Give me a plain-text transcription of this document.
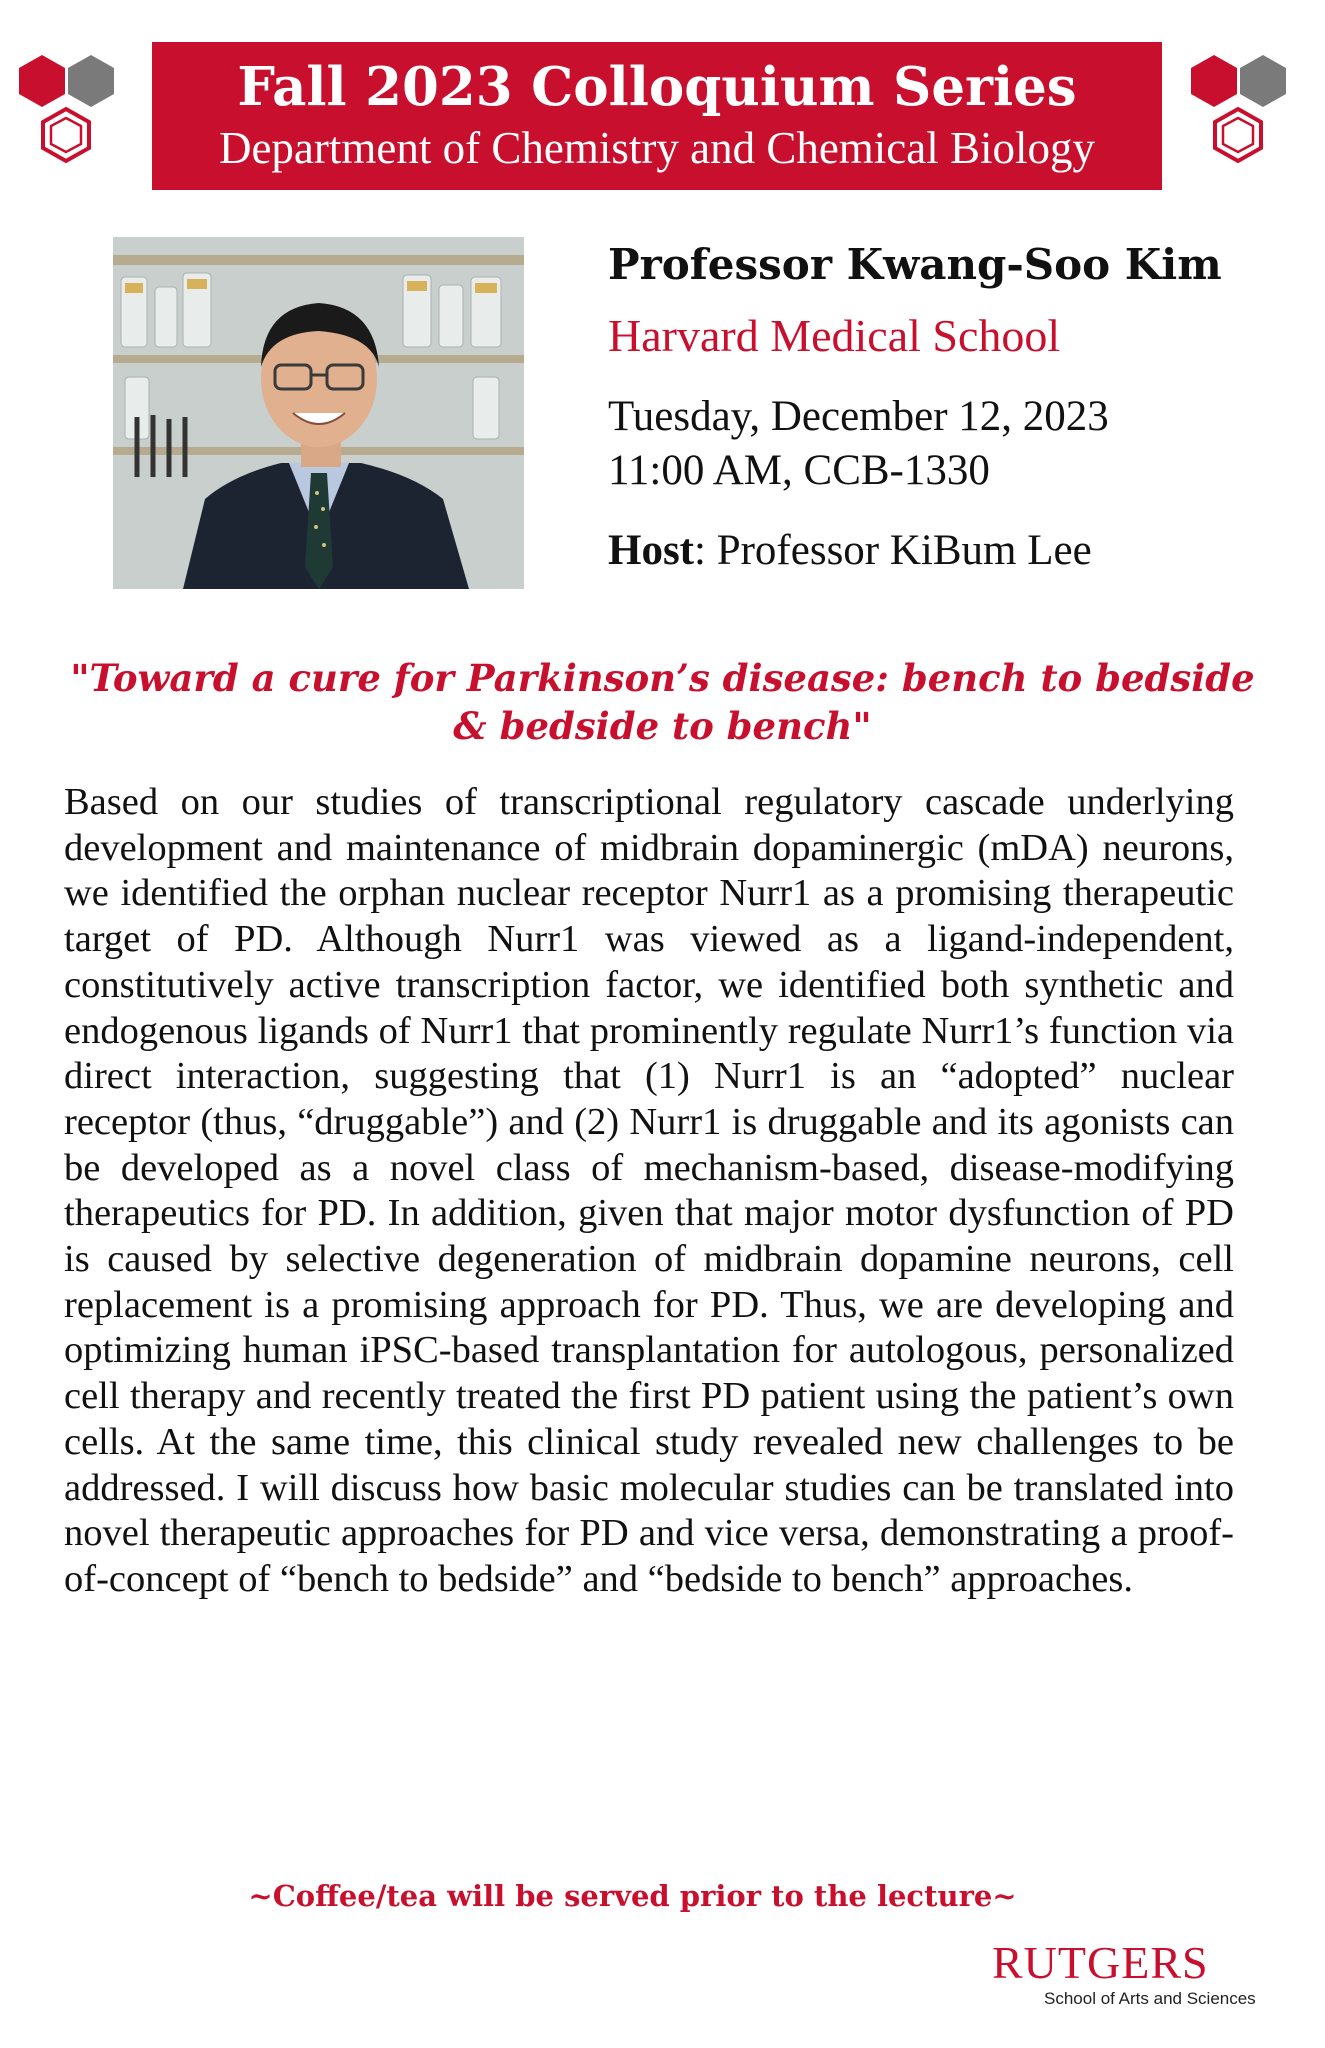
Fall 2023 Colloquium Series
Department of Chemistry and Chemical Biology
Professor Kwang-Soo Kim
Harvard Medical School
Tuesday, December 12, 2023
11:00 AM, CCB-1330
Host: Professor KiBum Lee
"Toward a cure for Parkinson’s disease: bench to bedside & bedside to bench"
Based on our studies of transcriptional regulatory cascade underlying development and maintenance of midbrain dopaminergic (mDA) neurons, we identified the orphan nuclear receptor Nurr1 as a promising therapeutic target of PD. Although Nurr1 was viewed as a ligand-independent, constitutively active transcription factor, we identified both synthetic and endogenous ligands of Nurr1 that prominently regulate Nurr1’s function via direct interaction, suggesting that (1) Nurr1 is an “adopted” nuclear receptor (thus, “druggable”) and (2) Nurr1 is druggable and its agonists can be developed as a novel class of mechanism-based, disease-modifying therapeutics for PD. In addition, given that major motor dysfunction of PD is caused by selective degeneration of midbrain dopamine neurons, cell replacement is a promising approach for PD. Thus, we are developing and optimizing human iPSC-based transplantation for autologous, personalized cell therapy and recently treated the first PD patient using the patient’s own cells. At the same time, this clinical study revealed new challenges to be addressed. I will discuss how basic molecular studies can be translated into novel therapeutic approaches for PD and vice versa, demonstrating a proof-of-concept of “bench to bedside” and “bedside to bench” approaches.
~Coffee/tea will be served prior to the lecture~
RUTGERS
School of Arts and Sciences
